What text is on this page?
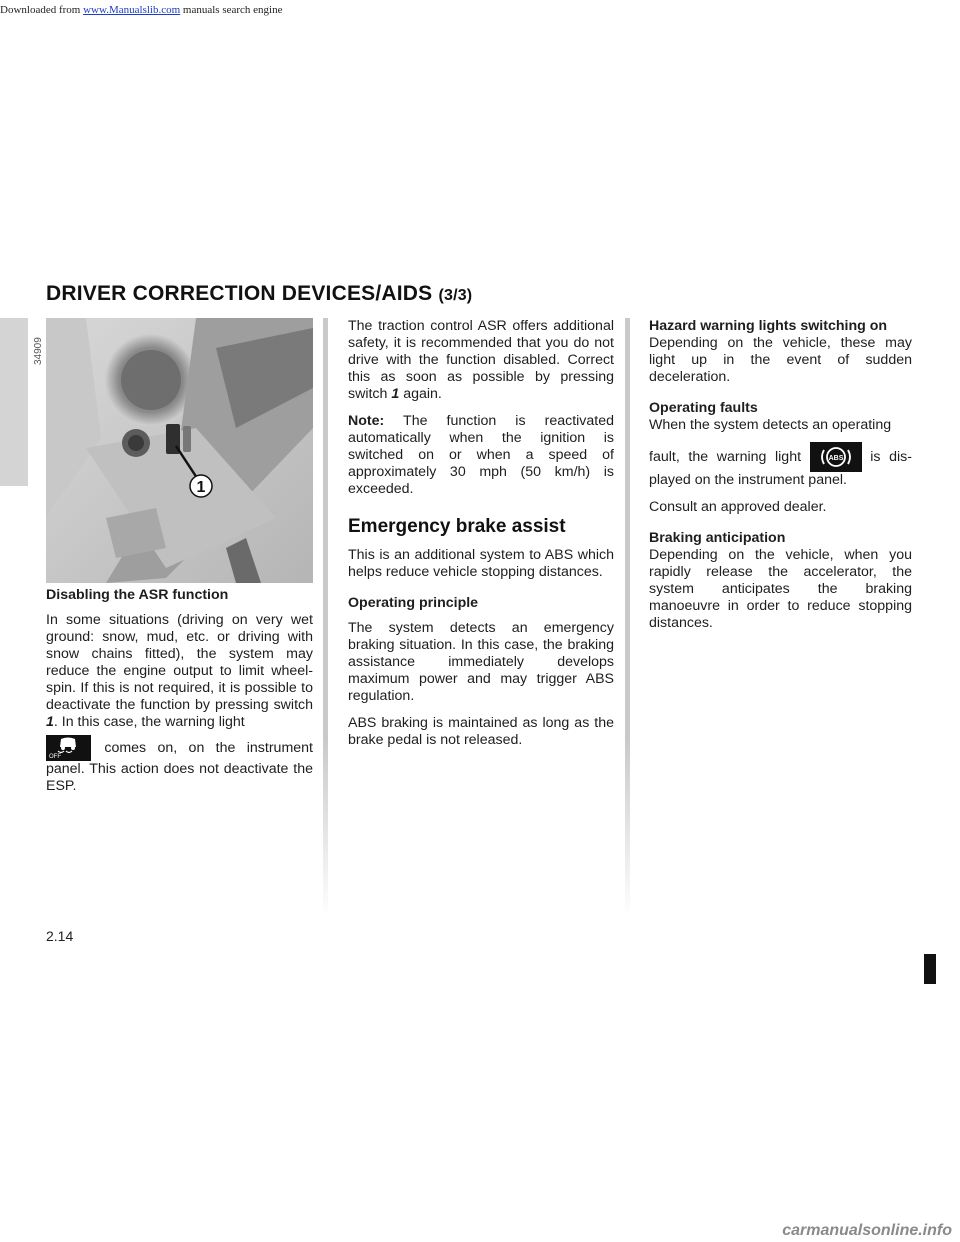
Downloaded from www.Manualslib.com manuals search engine
DRIVER CORRECTION DEVICES/AIDS (3/3)
34909
1

Disabling the ASR function

In some situations (driving on very wet ground: snow, mud, etc. or driving with snow chains fitted), the system may reduce the engine output to limit wheel-spin. If this is not required, it is possible to deactivate the function by pressing switch 1. In this case, the warning light

OFF
comes on, on the instrument panel. This action does not deactivate the ESP.

The traction control ASR offers additional safety, it is recommended that you do not drive with the function disabled. Correct this as soon as possible by pressing switch 1 again.

Note: The function is reactivated automatically when the ignition is switched on or when a speed of approximately 30 mph (50 km/h) is exceeded.

Emergency brake assist

This is an additional system to ABS which helps reduce vehicle stopping distances.

Operating principle

The system detects an emergency braking situation. In this case, the braking assistance immediately develops maximum power and may trigger ABS regulation.

ABS braking is maintained as long as the brake pedal is not released.

Hazard warning lights switching on

Depending on the vehicle, these may light up in the event of sudden deceleration.

Operating faults

When the system detects an operating

fault, the warning light	ABS is dis-played on the instrument panel.

Consult an approved dealer.

Braking anticipation

Depending on the vehicle, when you rapidly release the accelerator, the system anticipates the braking manoeuvre in order to reduce stopping distances.

2.14
carmanualsonline.info
